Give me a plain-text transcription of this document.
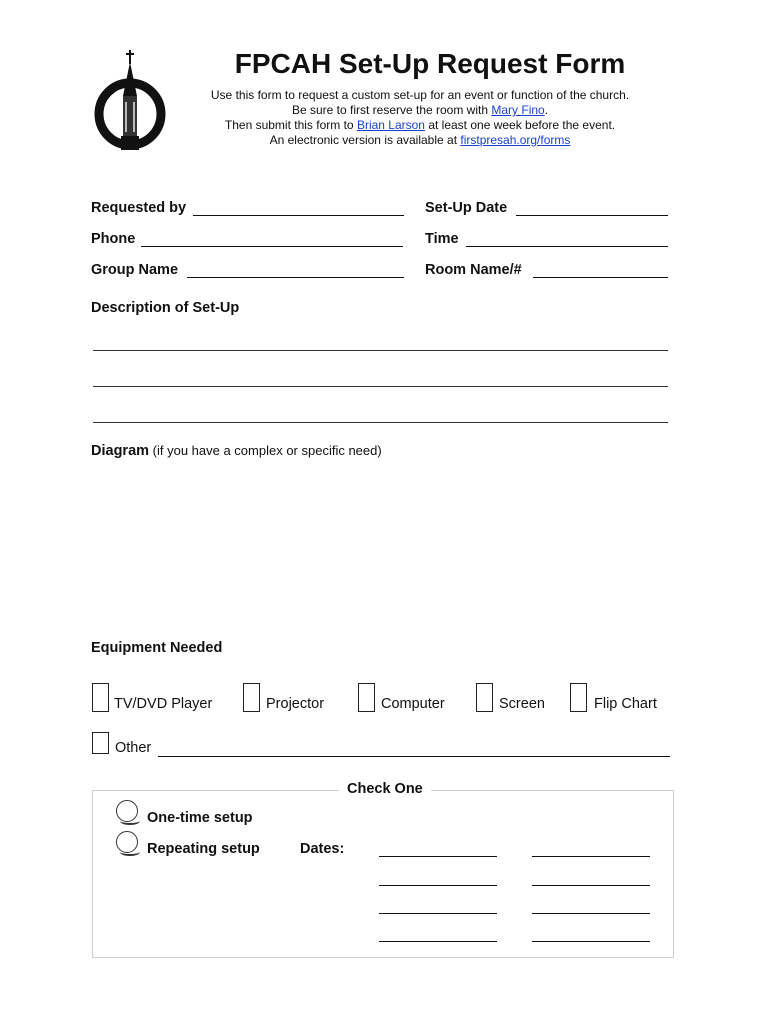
FPCAH Set-Up Request Form
Use this form to request a custom set-up for an event or function of the church.
Be sure to first reserve the room with Mary Fino.
Then submit this form to Brian Larson at least one week before the event.
An electronic version is available at firstpresah.org/forms
Requested by	Set-Up Date
Phone	Time
Group Name	Room Name/#
Description of Set-Up
Diagram (if you have a complex or specific need)
Equipment Needed
TV/DVD Player	Projector	Computer	Screen	Flip Chart
Other
Check One
One-time setup
Repeating setup	Dates:
